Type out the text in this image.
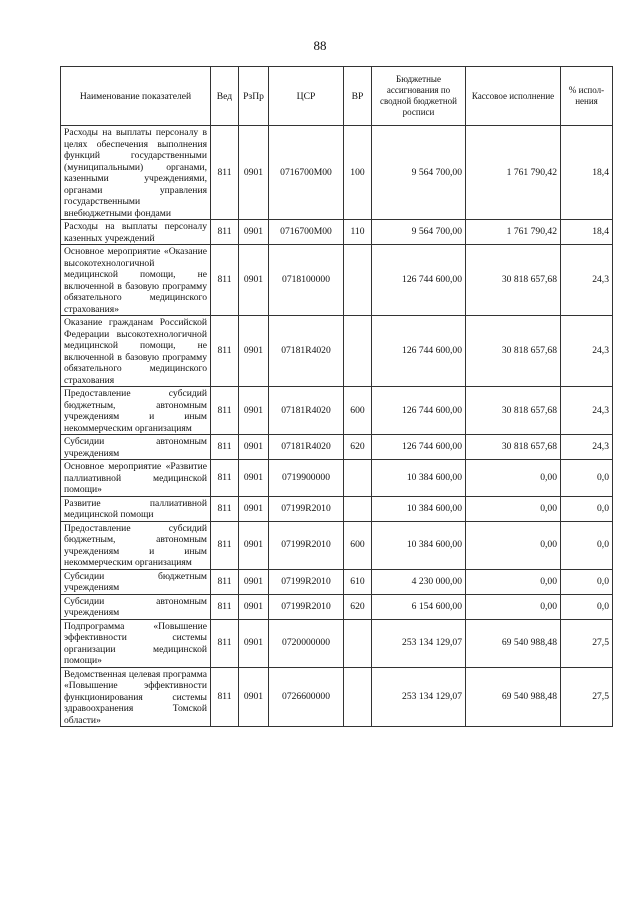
88
Наименование показателей	Вед	РзПр	ЦСР	ВР	Бюджетные ассигнования по сводной бюджетной росписи	Кассовое исполнение	% испол-нения
Расходы на выплаты персоналу в целях обеспечения выполнения функций государственными (муниципальными) органами, казенными учреждениями, органами управления государственными внебюджетными фондами	811	0901	0716700М00	100	9 564 700,00	1 761 790,42	18,4
Расходы на выплаты персоналу казенных учреждений	811	0901	0716700М00	110	9 564 700,00	1 761 790,42	18,4
Основное мероприятие «Оказание высокотехнологичной медицинской помощи, не включенной в базовую программу обязательного медицинского страхования»	811	0901	0718100000		126 744 600,00	30 818 657,68	24,3
Оказание гражданам Российской Федерации высокотехнологичной медицинской помощи, не включенной в базовую программу обязательного медицинского страхования	811	0901	07181R4020		126 744 600,00	30 818 657,68	24,3
Предоставление субсидий бюджетным, автономным учреждениям и иным некоммерческим организациям	811	0901	07181R4020	600	126 744 600,00	30 818 657,68	24,3
Субсидии автономным учреждениям	811	0901	07181R4020	620	126 744 600,00	30 818 657,68	24,3
Основное мероприятие «Развитие паллиативной медицинской помощи»	811	0901	0719900000		10 384 600,00	0,00	0,0
Развитие паллиативной медицинской помощи	811	0901	07199R2010		10 384 600,00	0,00	0,0
Предоставление субсидий бюджетным, автономным учреждениям и иным некоммерческим организациям	811	0901	07199R2010	600	10 384 600,00	0,00	0,0
Субсидии бюджетным учреждениям	811	0901	07199R2010	610	4 230 000,00	0,00	0,0
Субсидии автономным учреждениям	811	0901	07199R2010	620	6 154 600,00	0,00	0,0
Подпрограмма «Повышение эффективности системы организации медицинской помощи»	811	0901	0720000000		253 134 129,07	69 540 988,48	27,5
Ведомственная целевая программа «Повышение эффективности функционирования системы здравоохранения Томской области»	811	0901	0726600000		253 134 129,07	69 540 988,48	27,5
